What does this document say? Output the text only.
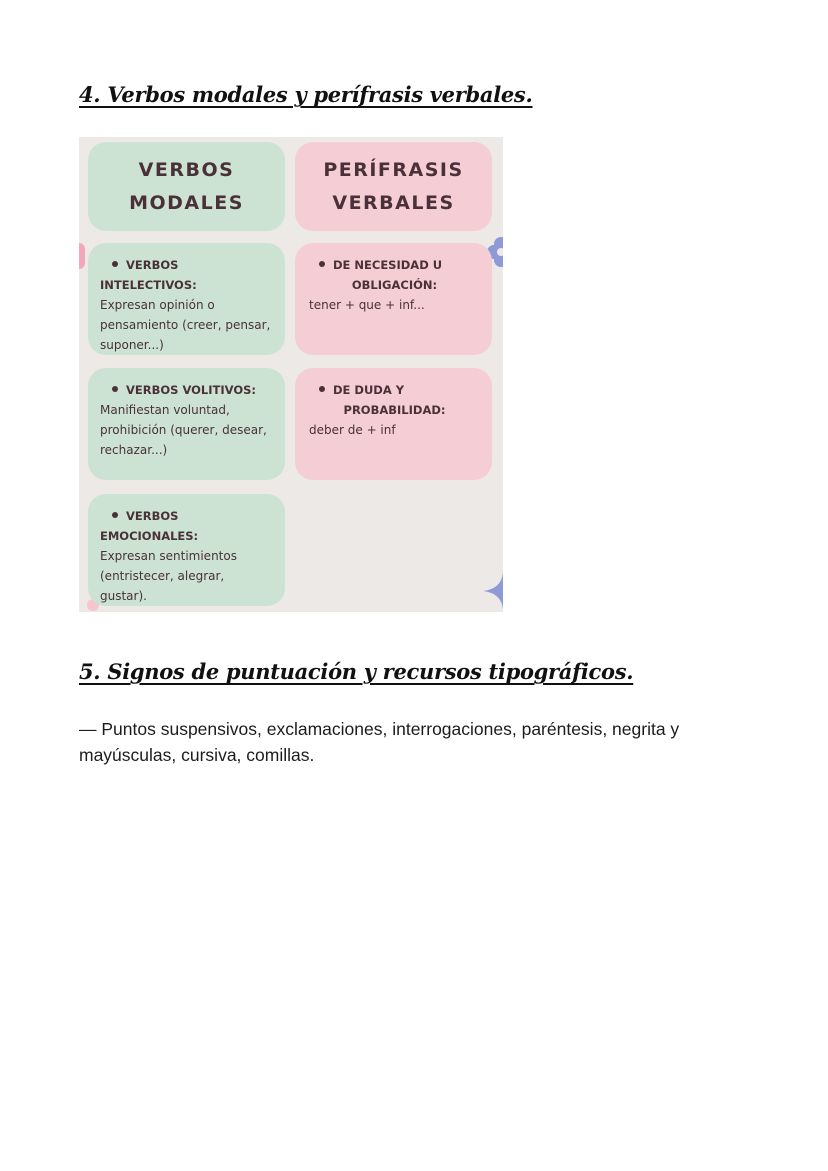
4. Verbos modales y perífrasis verbales.
VERBOS
MODALES
PERÍFRASIS
VERBALES
VERBOS INTELECTIVOS:
Expresan opinión o
pensamiento (creer, pensar,
suponer...)
VERBOS VOLITIVOS:
Manifiestan voluntad,
prohibición (querer, desear,
rechazar...)
VERBOS EMOCIONALES:
Expresan sentimientos
(entristecer, alegrar,
gustar).
DE NECESIDAD U
OBLIGACIÓN:
tener + que + inf...
DE DUDA Y
PROBABILIDAD:
deber de + inf
5. Signos de puntuación y recursos tipográficos.

— Puntos suspensivos, exclamaciones, interrogaciones, paréntesis, negrita y mayúsculas, cursiva, comillas.
